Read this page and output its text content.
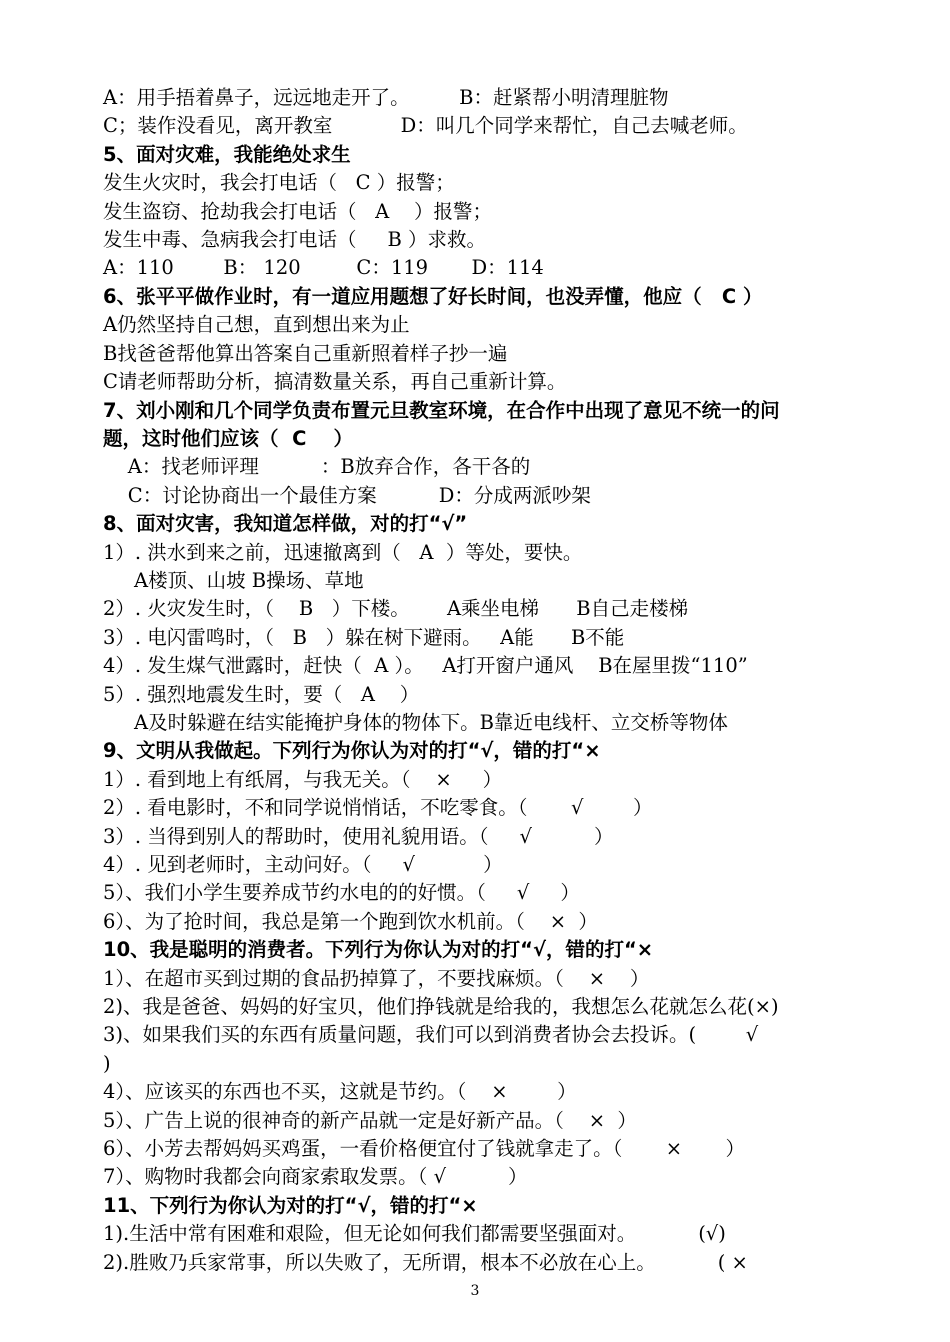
A：用手捂着鼻子，远远地走开了。        B：赶紧帮小明清理脏物
C；装作没看见，离开教室           D：叫几个同学来帮忙，自己去喊老师。
5、面对灾难，我能绝处求生
发生火灾时，我会打电话（   C ）报警；
发生盗窃、抢劫我会打电话（   A    ）报警；
发生中毒、急病我会打电话（     B ）求救。
A：110        B： 120         C：119       D：114
6、张平平做作业时，有一道应用题想了好长时间，也没弄懂，他应（   C ）
A仍然坚持自己想，直到想出来为止
B找爸爸帮他算出答案自己重新照着样子抄一遍
C请老师帮助分析，搞清数量关系，再自己重新计算。
7、刘小刚和几个同学负责布置元旦教室环境，在合作中出现了意见不统一的问
题，这时他们应该（  C    ）
A：找老师评理          ：B放弃合作，各干各的
C：讨论协商出一个最佳方案          D：分成两派吵架
8、面对灾害，我知道怎样做，对的打“√”
1）. 洪水到来之前，迅速撤离到（   A  ）等处，要快。
A楼顶、山坡 B操场、草地
2）. 火灾发生时，（    B   ）下楼。      A乘坐电梯      B自己走楼梯
3）. 电闪雷鸣时，（   B   ）躲在树下避雨。   A能      B不能
4）. 发生煤气泄露时，赶快（  A ）。   A打开窗户通风    B在屋里拨“110”
5）. 强烈地震发生时，要（   A    ）
A及时躲避在结实能掩护身体的物体下。B靠近电线杆、立交桥等物体
9、文明从我做起。下列行为你认为对的打“√，错的打“×
1）. 看到地上有纸屑，与我无关。（    ×     ）
2）. 看电影时，不和同学说悄悄话，不吃零食。（       √        ）
3）. 当得到别人的帮助时，使用礼貌用语。（     √          ）
4）. 见到老师时，主动问好。（     √           ）
5）、我们小学生要养成节约水电的的好惯。（     √     ）
6）、为了抢时间，我总是第一个跑到饮水机前。（    ×  ）
10、我是聪明的消费者。下列行为你认为对的打“√，错的打“×
1）、在超市买到过期的食品扔掉算了，不要找麻烦。（    ×    ）
2)、我是爸爸、妈妈的好宝贝，他们挣钱就是给我的，我想怎么花就怎么花(×)
3)、如果我们买的东西有质量问题，我们可以到消费者协会去投诉。(        √
)
4）、应该买的东西也不买，这就是节约。（    ×        ）
5）、广告上说的很神奇的新产品就一定是好新产品。（    ×  ）
6）、小芳去帮妈妈买鸡蛋，一看价格便宜付了钱就拿走了。（       ×       ）
7）、购物时我都会向商家索取发票。（ √          ）
11、下列行为你认为对的打“√，错的打“×
1).生活中常有困难和艰险，但无论如何我们都需要坚强面对。          (√)
2).胜败乃兵家常事，所以失败了，无所谓，根本不必放在心上。          ( ×
3
